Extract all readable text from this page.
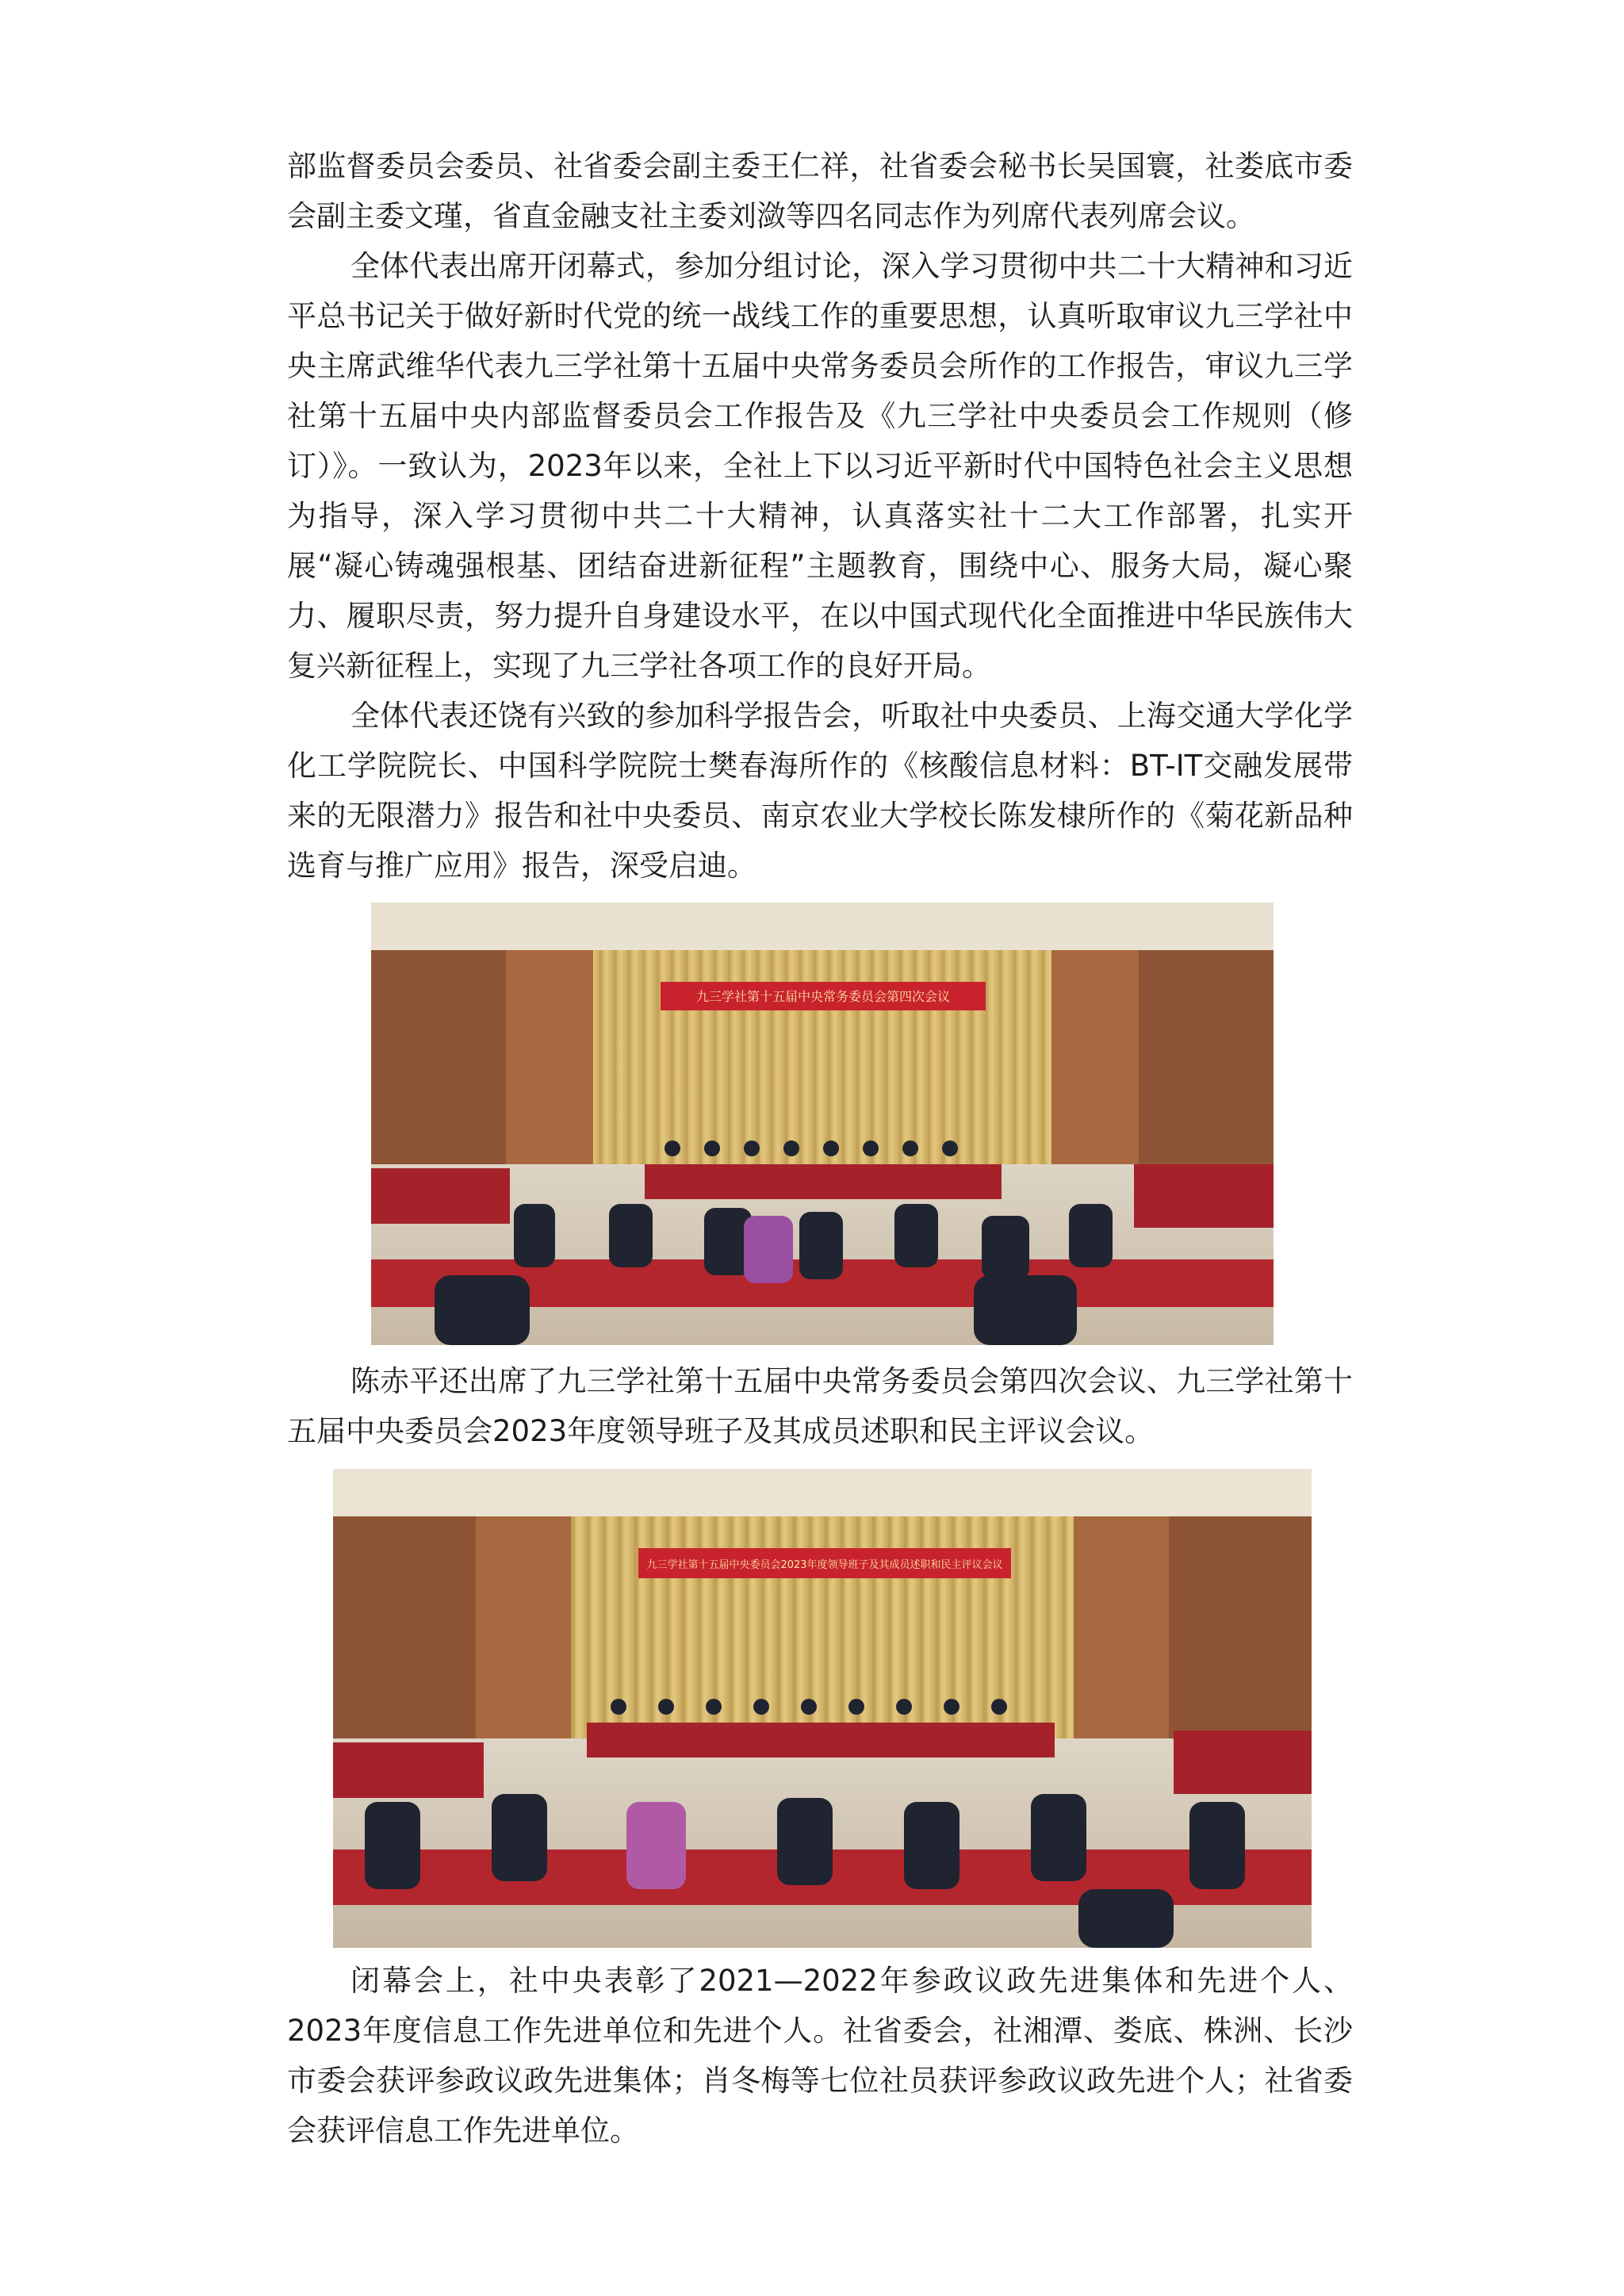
部监督委员会委员、社省委会副主委王仁祥，社省委会秘书长吴国寰，社娄底市委会副主委文瑾，省直金融支社主委刘潋等四名同志作为列席代表列席会议。

全体代表出席开闭幕式，参加分组讨论，深入学习贯彻中共二十大精神和习近平总书记关于做好新时代党的统一战线工作的重要思想，认真听取审议九三学社中央主席武维华代表九三学社第十五届中央常务委员会所作的工作报告，审议九三学社第十五届中央内部监督委员会工作报告及《九三学社中央委员会工作规则（修订）》。一致认为，2023年以来，全社上下以习近平新时代中国特色社会主义思想为指导，深入学习贯彻中共二十大精神，认真落实社十二大工作部署，扎实开展“凝心铸魂强根基、团结奋进新征程”主题教育，围绕中心、服务大局，凝心聚力、履职尽责，努力提升自身建设水平，在以中国式现代化全面推进中华民族伟大复兴新征程上，实现了九三学社各项工作的良好开局。

全体代表还饶有兴致的参加科学报告会，听取社中央委员、上海交通大学化学化工学院院长、中国科学院院士樊春海所作的《核酸信息材料：BT-IT交融发展带来的无限潜力》报告和社中央委员、南京农业大学校长陈发棣所作的《菊花新品种选育与推广应用》报告，深受启迪。

九三学社第十五届中央常务委员会第四次会议

陈赤平还出席了九三学社第十五届中央常务委员会第四次会议、九三学社第十五届中央委员会2023年度领导班子及其成员述职和民主评议会议。

九三学社第十五届中央委员会2023年度领导班子及其成员述职和民主评议会议

闭幕会上，社中央表彰了2021—2022年参政议政先进集体和先进个人、2023年度信息工作先进单位和先进个人。社省委会，社湘潭、娄底、株洲、长沙市委会获评参政议政先进集体；肖冬梅等七位社员获评参政议政先进个人；社省委会获评信息工作先进单位。
